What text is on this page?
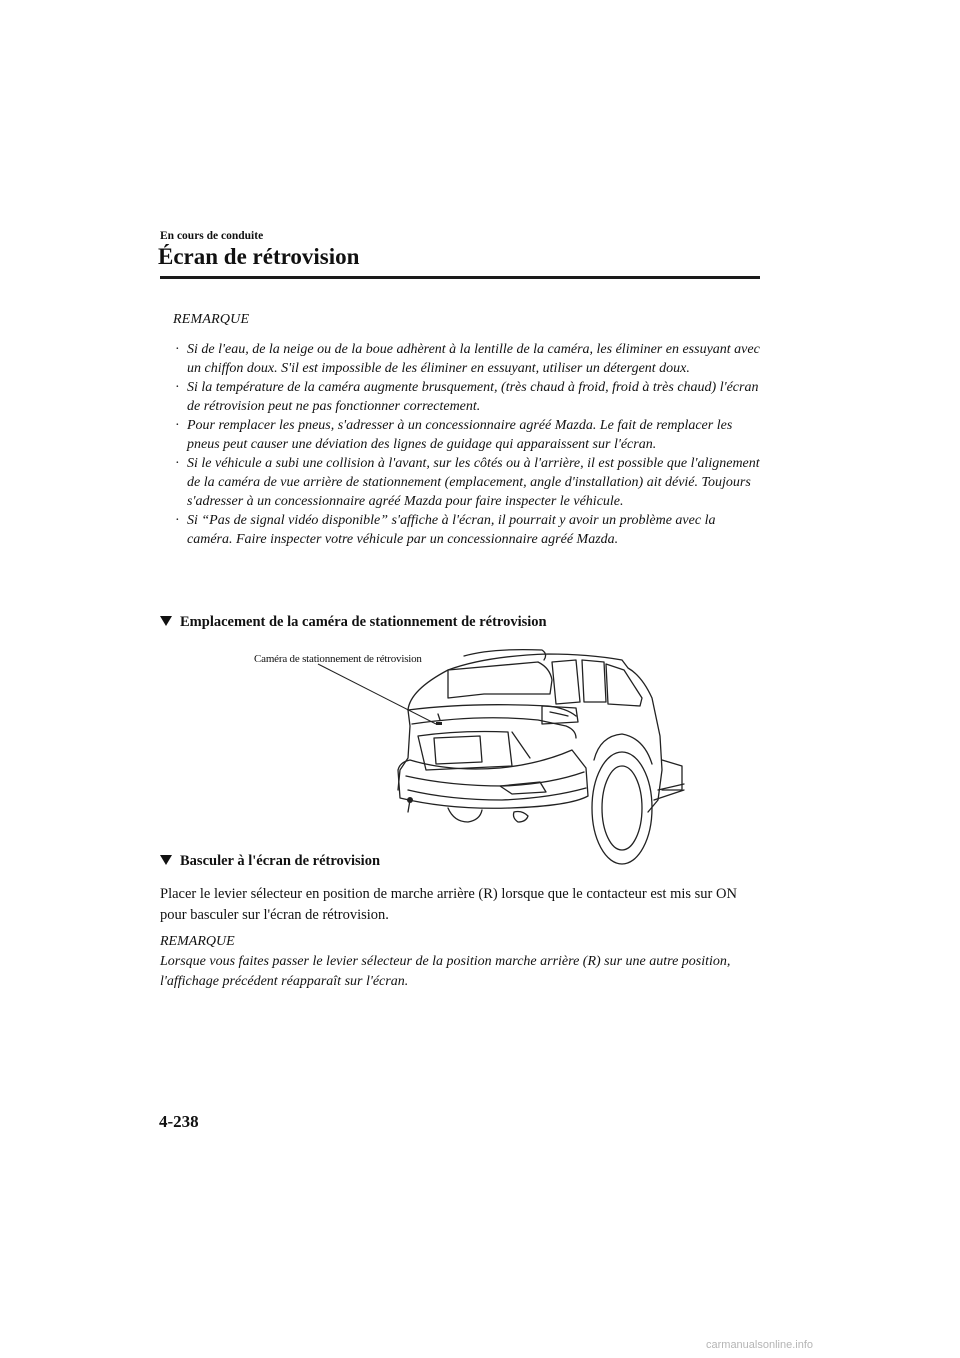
En cours de conduite
Écran de rétrovision
REMARQUE
· Si de l'eau, de la neige ou de la boue adhèrent à la lentille de la caméra, les éliminer en essuyant avec un chiffon doux. S'il est impossible de les éliminer en essuyant, utiliser un détergent doux.
· Si la température de la caméra augmente brusquement, (très chaud à froid, froid à très chaud) l'écran de rétrovision peut ne pas fonctionner correctement.
· Pour remplacer les pneus, s'adresser à un concessionnaire agréé Mazda. Le fait de remplacer les pneus peut causer une déviation des lignes de guidage qui apparaissent sur l'écran.
· Si le véhicule a subi une collision à l'avant, sur les côtés ou à l'arrière, il est possible que l'alignement de la caméra de vue arrière de stationnement (emplacement, angle d'installation) ait dévié. Toujours s'adresser à un concessionnaire agréé Mazda pour faire inspecter le véhicule.
· Si “Pas de signal vidéo disponible” s'affiche à l'écran, il pourrait y avoir un problème avec la caméra. Faire inspecter votre véhicule par un concessionnaire agréé Mazda.
Emplacement de la caméra de stationnement de rétrovision
Caméra de stationnement de rétrovision
Basculer à l'écran de rétrovision

Placer le levier sélecteur en position de marche arrière (R) lorsque que le contacteur est mis sur ON pour basculer sur l'écran de rétrovision.

REMARQUE

Lorsque vous faites passer le levier sélecteur de la position marche arrière (R) sur une autre position, l'affichage précédent réapparaît sur l'écran.

4-238
carmanualsonline.info
